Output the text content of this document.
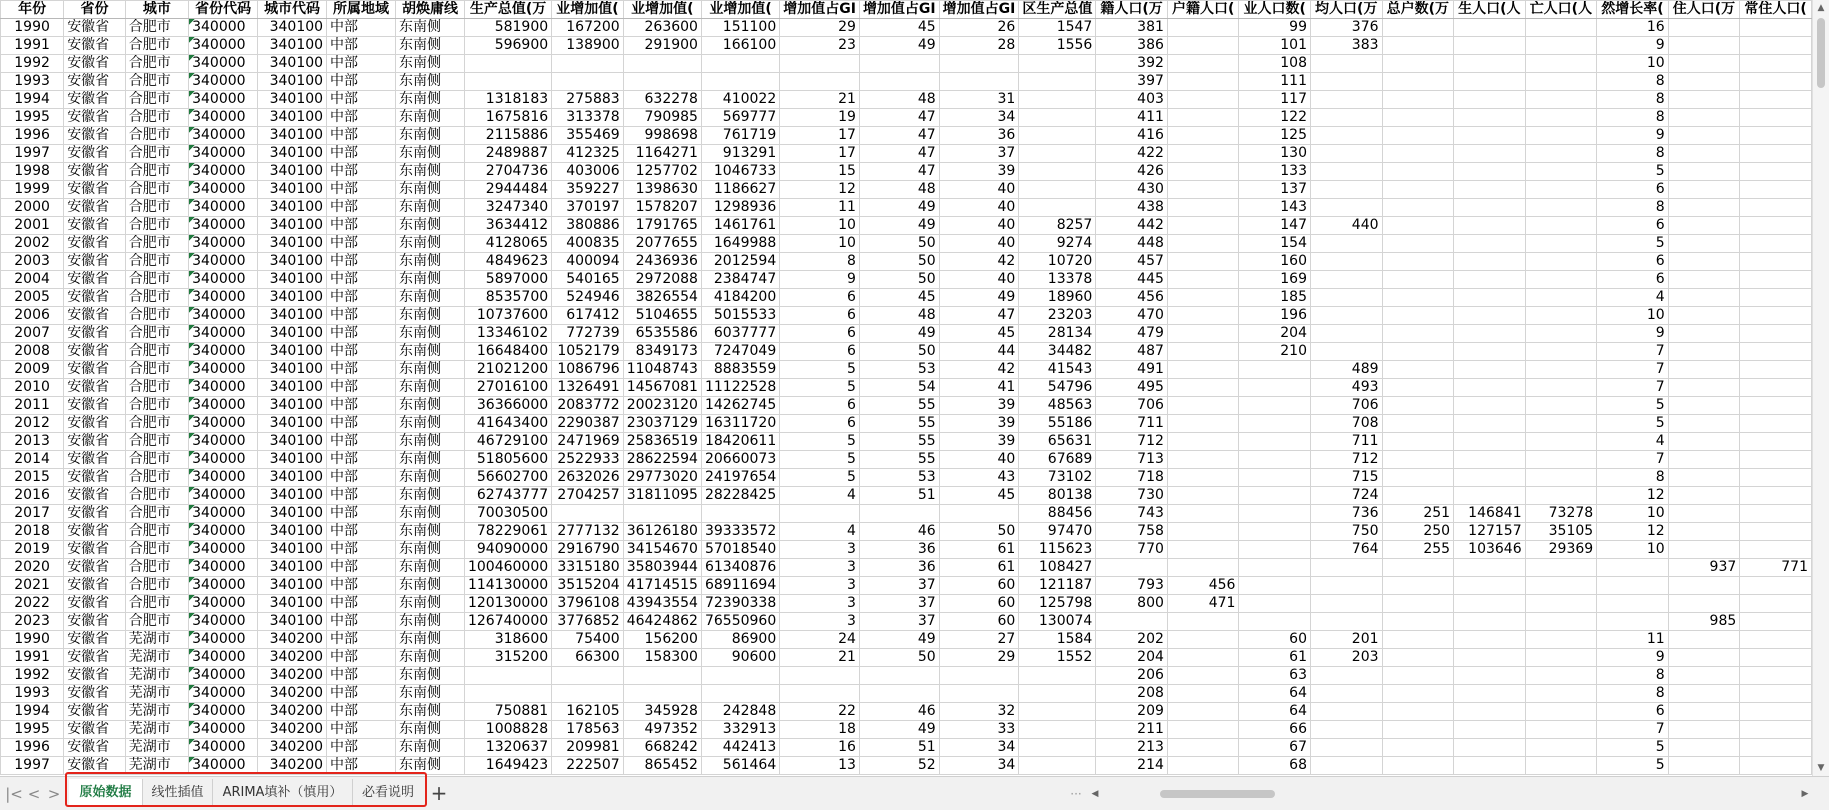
年份	省份	城市	省份代码	城市代码	所属地域	胡焕庸线	生产总值(万	业增加值(	业增加值(	业增加值(	增加值占GI	增加值占GI	增加值占GI	区生产总值	籍人口(万	户籍人口(	业人口数(	均人口(万	总户数(万	生人口(人	亡人口(人	然增长率(	住人口(万	常住人口(
1990	安徽省	合肥市	340000	340100	中部	东南侧	581900	167200	263600	151100	29	45	26	1547	381		99	376				16		
1991	安徽省	合肥市	340000	340100	中部	东南侧	596900	138900	291900	166100	23	49	28	1556	386		101	383				9		
1992	安徽省	合肥市	340000	340100	中部	东南侧									392		108					10		
1993	安徽省	合肥市	340000	340100	中部	东南侧									397		111					8		
1994	安徽省	合肥市	340000	340100	中部	东南侧	1318183	275883	632278	410022	21	48	31		403		117					8		
1995	安徽省	合肥市	340000	340100	中部	东南侧	1675816	313378	790985	569777	19	47	34		411		122					8		
1996	安徽省	合肥市	340000	340100	中部	东南侧	2115886	355469	998698	761719	17	47	36		416		125					9		
1997	安徽省	合肥市	340000	340100	中部	东南侧	2489887	412325	1164271	913291	17	47	37		422		130					8		
1998	安徽省	合肥市	340000	340100	中部	东南侧	2704736	403006	1257702	1046733	15	47	39		426		133					5		
1999	安徽省	合肥市	340000	340100	中部	东南侧	2944484	359227	1398630	1186627	12	48	40		430		137					6		
2000	安徽省	合肥市	340000	340100	中部	东南侧	3247340	370197	1578207	1298936	11	49	40		438		143					8		
2001	安徽省	合肥市	340000	340100	中部	东南侧	3634412	380886	1791765	1461761	10	49	40	8257	442		147	440				6		
2002	安徽省	合肥市	340000	340100	中部	东南侧	4128065	400835	2077655	1649988	10	50	40	9274	448		154					5		
2003	安徽省	合肥市	340000	340100	中部	东南侧	4849623	400094	2436936	2012594	8	50	42	10720	457		160					6		
2004	安徽省	合肥市	340000	340100	中部	东南侧	5897000	540165	2972088	2384747	9	50	40	13378	445		169					6		
2005	安徽省	合肥市	340000	340100	中部	东南侧	8535700	524946	3826554	4184200	6	45	49	18960	456		185					4		
2006	安徽省	合肥市	340000	340100	中部	东南侧	10737600	617412	5104655	5015533	6	48	47	23203	470		196					10		
2007	安徽省	合肥市	340000	340100	中部	东南侧	13346102	772739	6535586	6037777	6	49	45	28134	479		204					9		
2008	安徽省	合肥市	340000	340100	中部	东南侧	16648400	1052179	8349173	7247049	6	50	44	34482	487		210					7		
2009	安徽省	合肥市	340000	340100	中部	东南侧	21021200	1086796	11048743	8883559	5	53	42	41543	491			489				7		
2010	安徽省	合肥市	340000	340100	中部	东南侧	27016100	1326491	14567081	11122528	5	54	41	54796	495			493				7		
2011	安徽省	合肥市	340000	340100	中部	东南侧	36366000	2083772	20023120	14262745	6	55	39	48563	706			706				5		
2012	安徽省	合肥市	340000	340100	中部	东南侧	41643400	2290387	23037129	16311720	6	55	39	55186	711			708				5		
2013	安徽省	合肥市	340000	340100	中部	东南侧	46729100	2471969	25836519	18420611	5	55	39	65631	712			711				4		
2014	安徽省	合肥市	340000	340100	中部	东南侧	51805600	2522933	28622594	20660073	5	55	40	67689	713			712				7		
2015	安徽省	合肥市	340000	340100	中部	东南侧	56602700	2632026	29773020	24197654	5	53	43	73102	718			715				8		
2016	安徽省	合肥市	340000	340100	中部	东南侧	62743777	2704257	31811095	28228425	4	51	45	80138	730			724				12		
2017	安徽省	合肥市	340000	340100	中部	东南侧	70030500							88456	743			736	251	146841	73278	10		
2018	安徽省	合肥市	340000	340100	中部	东南侧	78229061	2777132	36126180	39333572	4	46	50	97470	758			750	250	127157	35105	12		
2019	安徽省	合肥市	340000	340100	中部	东南侧	94090000	2916790	34154670	57018540	3	36	61	115623	770			764	255	103646	29369	10		
2020	安徽省	合肥市	340000	340100	中部	东南侧	100460000	3315180	35803944	61340876	3	36	61	108427									937	771
2021	安徽省	合肥市	340000	340100	中部	东南侧	114130000	3515204	41714515	68911694	3	37	60	121187	793	456								
2022	安徽省	合肥市	340000	340100	中部	东南侧	120130000	3796108	43943554	72390338	3	37	60	125798	800	471								
2023	安徽省	合肥市	340000	340100	中部	东南侧	126740000	3776852	46424862	76550960	3	37	60	130074									985	
1990	安徽省	芜湖市	340000	340200	中部	东南侧	318600	75400	156200	86900	24	49	27	1584	202		60	201				11		
1991	安徽省	芜湖市	340000	340200	中部	东南侧	315200	66300	158300	90600	21	50	29	1552	204		61	203				9		
1992	安徽省	芜湖市	340000	340200	中部	东南侧									206		63					8		
1993	安徽省	芜湖市	340000	340200	中部	东南侧									208		64					8		
1994	安徽省	芜湖市	340000	340200	中部	东南侧	750881	162105	345928	242848	22	46	32		209		64					6		
1995	安徽省	芜湖市	340000	340200	中部	东南侧	1008828	178563	497352	332913	18	49	33		211		66					7		
1996	安徽省	芜湖市	340000	340200	中部	东南侧	1320637	209981	668242	442413	16	51	34		213		67					5		
1997	安徽省	芜湖市	340000	340200	中部	东南侧	1649423	222507	865452	561464	13	52	34		214		68					5		
▲
▼
|< < >	原始数据	线性插值	ARIMA填补（慎用）	必看说明 +	···	◀	▶
